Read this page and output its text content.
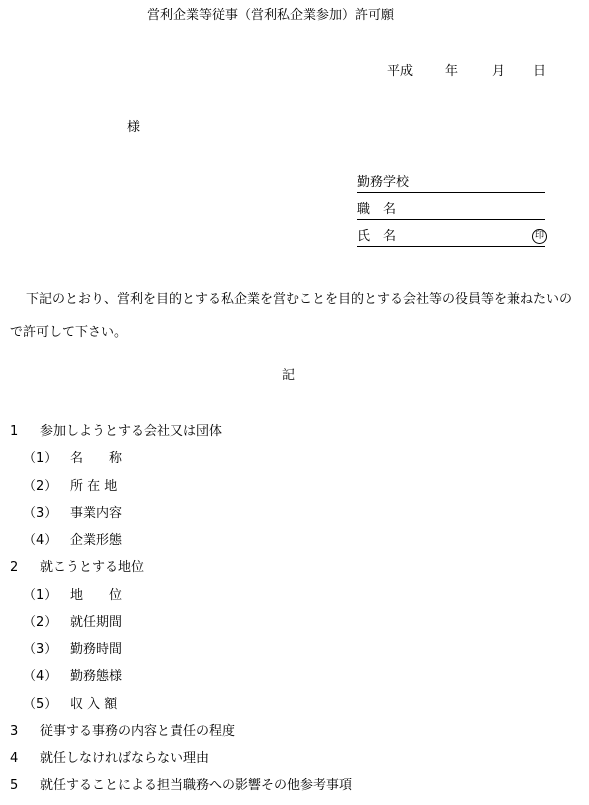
営利企業等従事（営利私企業参加）許可願
平成 年	月 日
様
勤務学校
職　名
氏　名	印
下記のとおり、営利を目的とする私企業を営むことを目的とする会社等の役員等を兼ねたいので許可して下さい。
記
1 参加しようとする会社又は団体
（1） 名　　称
（2） 所 在 地
（3） 事業内容
（4） 企業形態
2 就こうとする地位
（1） 地　　位
（2） 就任期間
（3） 勤務時間
（4） 勤務態様
（5） 収 入 額
3 従事する事務の内容と責任の程度
4 就任しなければならない理由
5 就任することによる担当職務への影響その他参考事項
